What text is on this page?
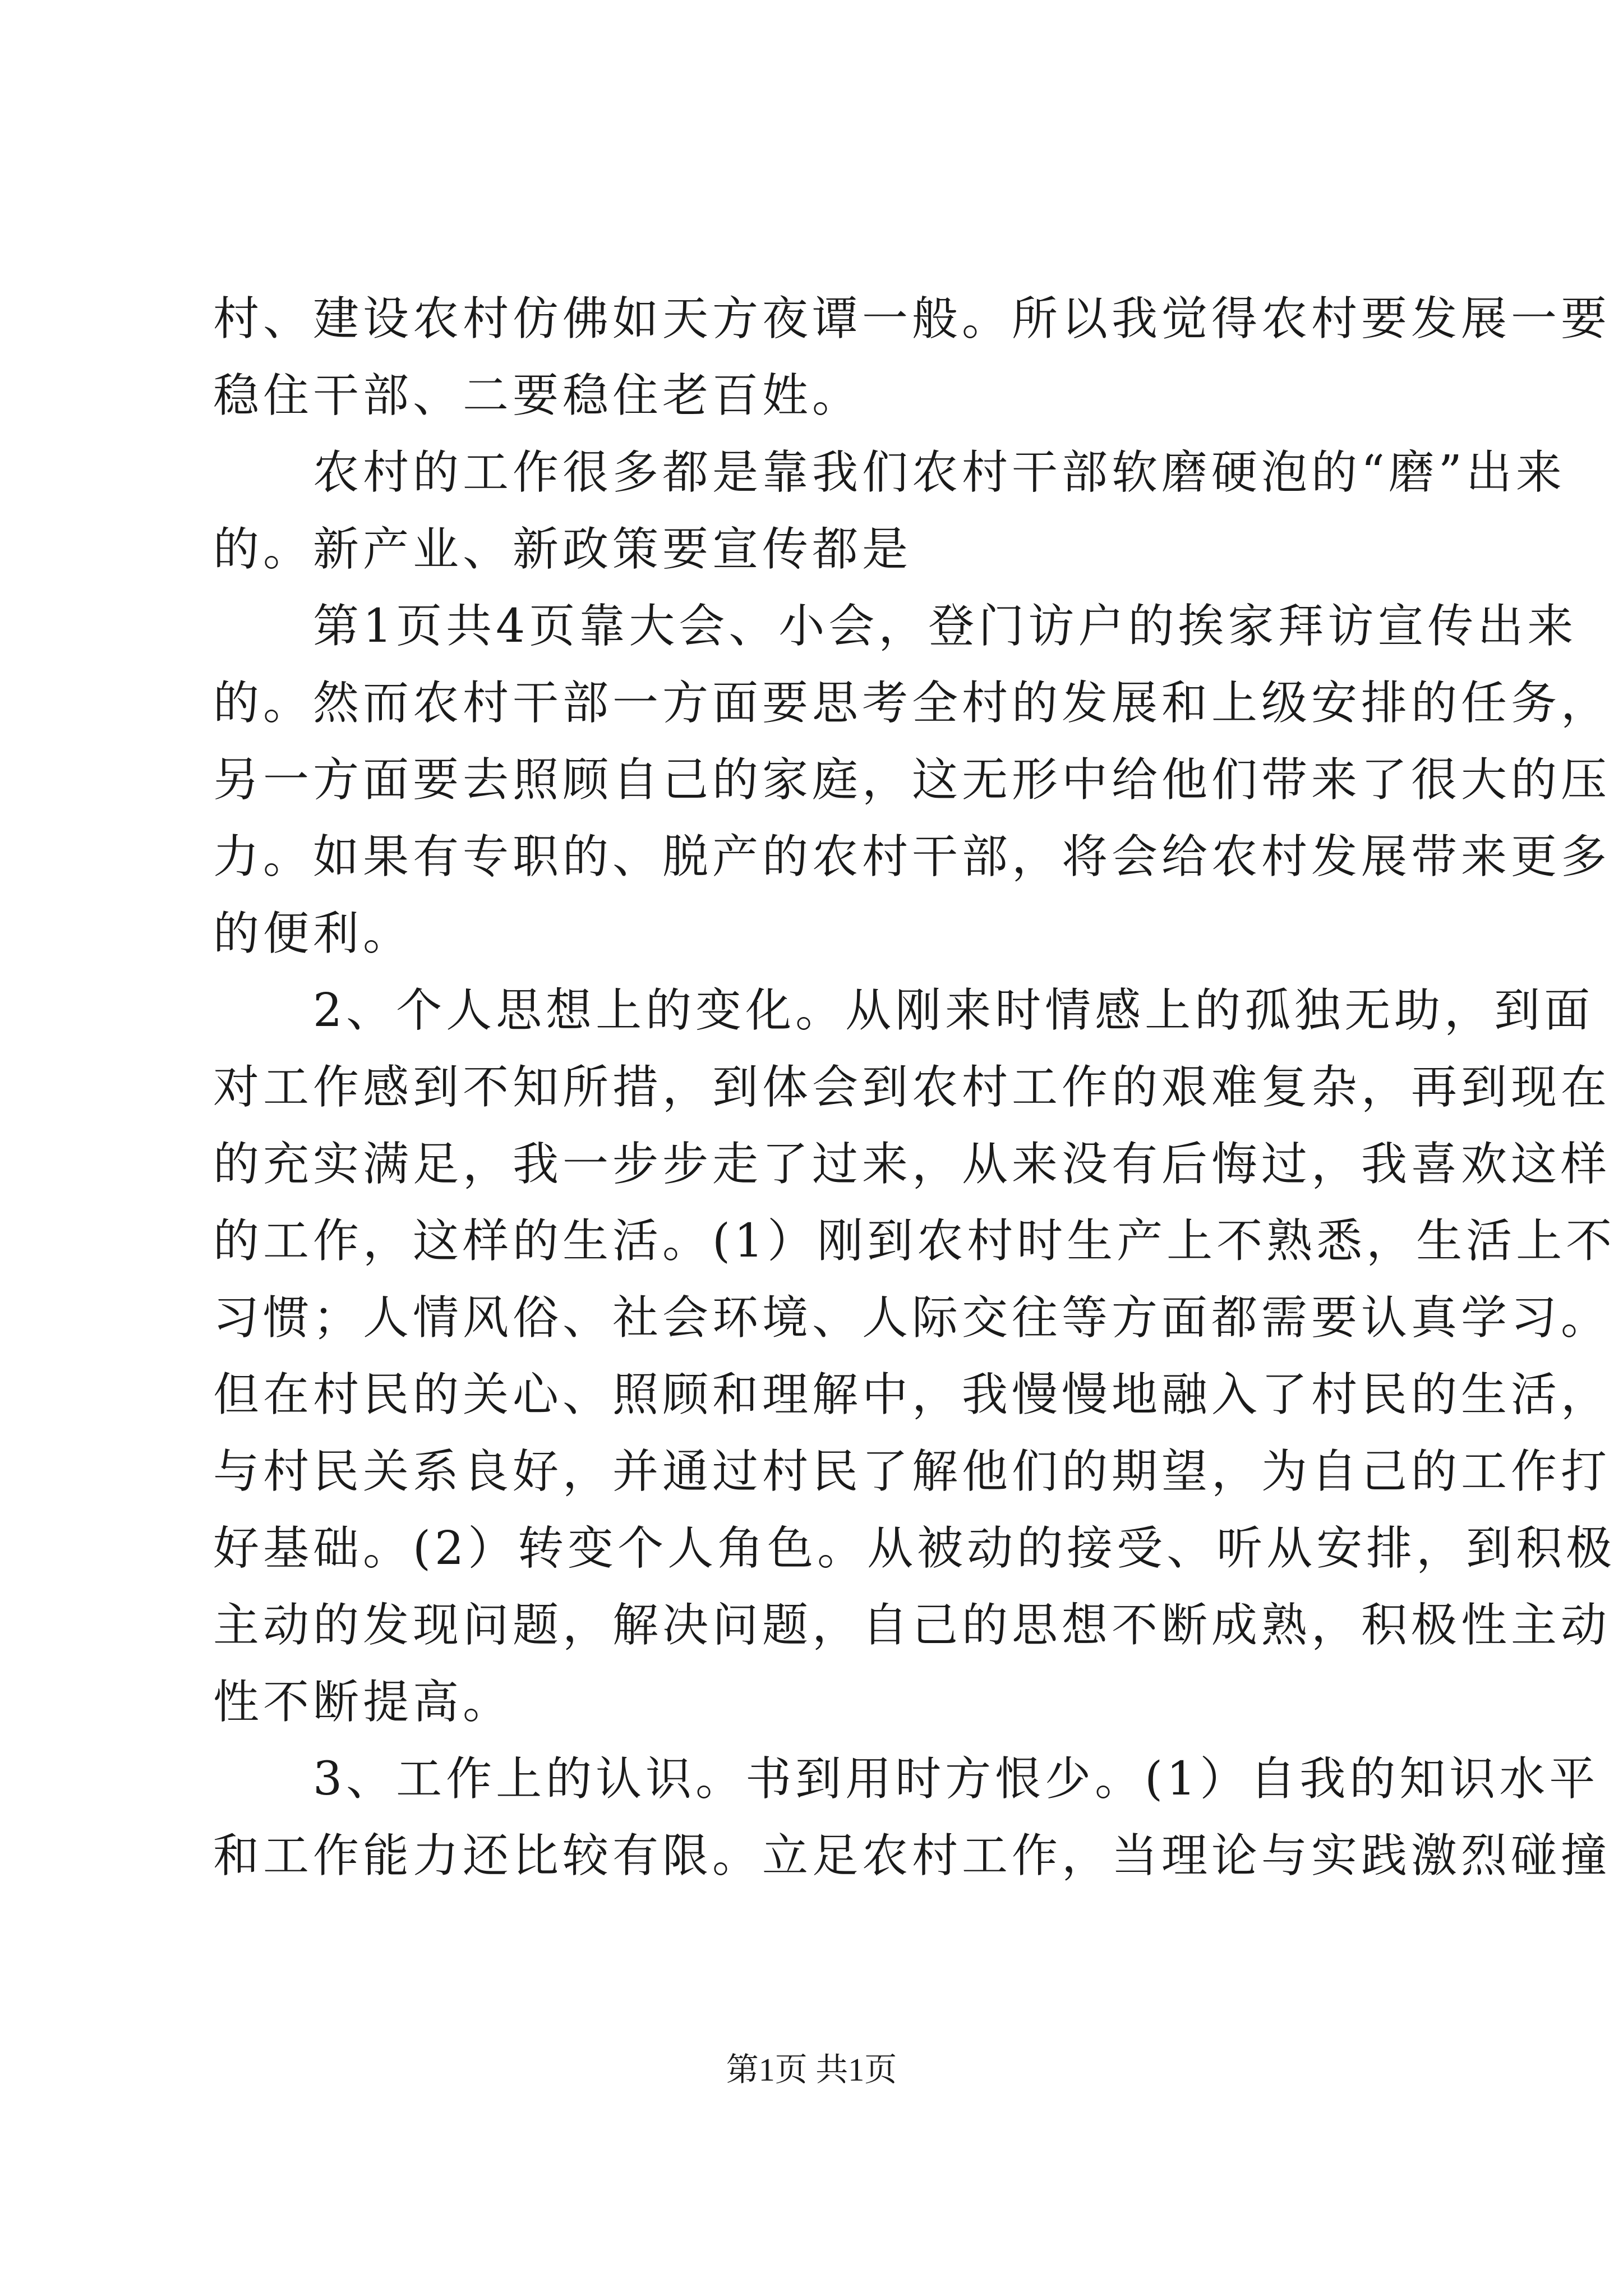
村、建设农村仿佛如天方夜谭一般。所以我觉得农村要发展一要
稳住干部、二要稳住老百姓。
　　农村的工作很多都是靠我们农村干部软磨硬泡的“磨”出来
的。新产业、新政策要宣传都是
　　第1页共4页靠大会、小会，登门访户的挨家拜访宣传出来
的。然而农村干部一方面要思考全村的发展和上级安排的任务，
另一方面要去照顾自己的家庭，这无形中给他们带来了很大的压
力。如果有专职的、脱产的农村干部，将会给农村发展带来更多
的便利。
　　2、个人思想上的变化。从刚来时情感上的孤独无助，到面
对工作感到不知所措，到体会到农村工作的艰难复杂，再到现在
的充实满足，我一步步走了过来，从来没有后悔过，我喜欢这样
的工作，这样的生活。(1）刚到农村时生产上不熟悉，生活上不
习惯；人情风俗、社会环境、人际交往等方面都需要认真学习。
但在村民的关心、照顾和理解中，我慢慢地融入了村民的生活，
与村民关系良好，并通过村民了解他们的期望，为自己的工作打
好基础。(2）转变个人角色。从被动的接受、听从安排，到积极
主动的发现问题，解决问题，自己的思想不断成熟，积极性主动
性不断提高。
　　3、工作上的认识。书到用时方恨少。(1）自我的知识水平
和工作能力还比较有限。立足农村工作，当理论与实践激烈碰撞
第1页 共1页
